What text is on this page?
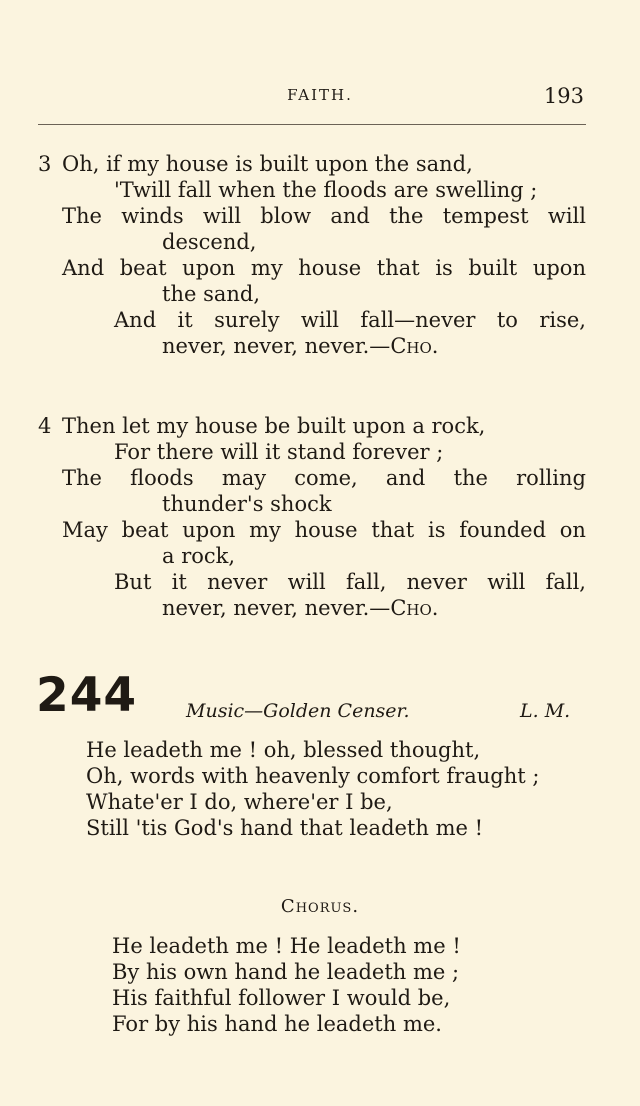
FAITH.	193
3 Oh, if my house is built upon the sand,
'Twill fall when the floods are swelling ;
The winds will blow and the tempest will
descend,
And beat upon my house that is built upon
the sand,
And it surely will fall—never to rise,
never, never, never.—Cho.
4 Then let my house be built upon a rock,
For there will it stand forever ;
The floods may come, and the rolling
thunder's shock
May beat upon my house that is founded on
a rock,
But it never will fall, never will fall,
never, never, never.—Cho.
244	Music—Golden Censer.	L. M.
He leadeth me ! oh, blessed thought,
Oh, words with heavenly comfort fraught ;
Whate'er I do, where'er I be,
Still 'tis God's hand that leadeth me !
Chorus.
He leadeth me ! He leadeth me !
By his own hand he leadeth me ;
His faithful follower I would be,
For by his hand he leadeth me.
